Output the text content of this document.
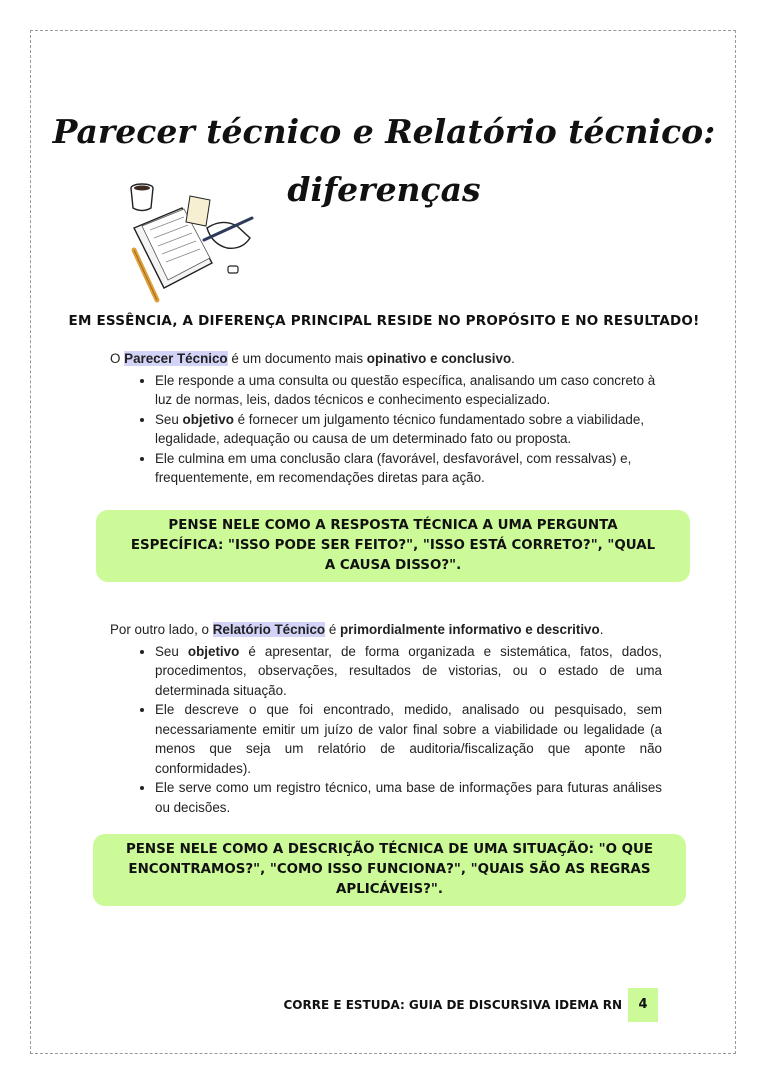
Parecer técnico e Relatório técnico:
diferenças
EM ESSÊNCIA, A DIFERENÇA PRINCIPAL RESIDE NO PROPÓSITO E NO RESULTADO!

O Parecer Técnico é um documento mais opinativo e conclusivo.

• Ele responde a uma consulta ou questão específica, analisando um caso concreto à luz de normas, leis, dados técnicos e conhecimento especializado.
• Seu objetivo é fornecer um julgamento técnico fundamentado sobre a viabilidade, legalidade, adequação ou causa de um determinado fato ou proposta.
• Ele culmina em uma conclusão clara (favorável, desfavorável, com ressalvas) e, frequentemente, em recomendações diretas para ação.
PENSE NELE COMO A RESPOSTA TÉCNICA A UMA PERGUNTA ESPECÍFICA: "ISSO PODE SER FEITO?", "ISSO ESTÁ CORRETO?", "QUAL A CAUSA DISSO?".

Por outro lado, o Relatório Técnico é primordialmente informativo e descritivo.

• Seu objetivo é apresentar, de forma organizada e sistemática, fatos, dados, procedimentos, observações, resultados de vistorias, ou o estado de uma determinada situação.
• Ele descreve o que foi encontrado, medido, analisado ou pesquisado, sem necessariamente emitir um juízo de valor final sobre a viabilidade ou legalidade (a menos que seja um relatório de auditoria/fiscalização que aponte não conformidades).
• Ele serve como um registro técnico, uma base de informações para futuras análises ou decisões.
PENSE NELE COMO A DESCRIÇÃO TÉCNICA DE UMA SITUAÇÃO: "O QUE ENCONTRAMOS?", "COMO ISSO FUNCIONA?", "QUAIS SÃO AS REGRAS APLICÁVEIS?".
CORRE E ESTUDA: GUIA DE DISCURSIVA IDEMA RN	4
